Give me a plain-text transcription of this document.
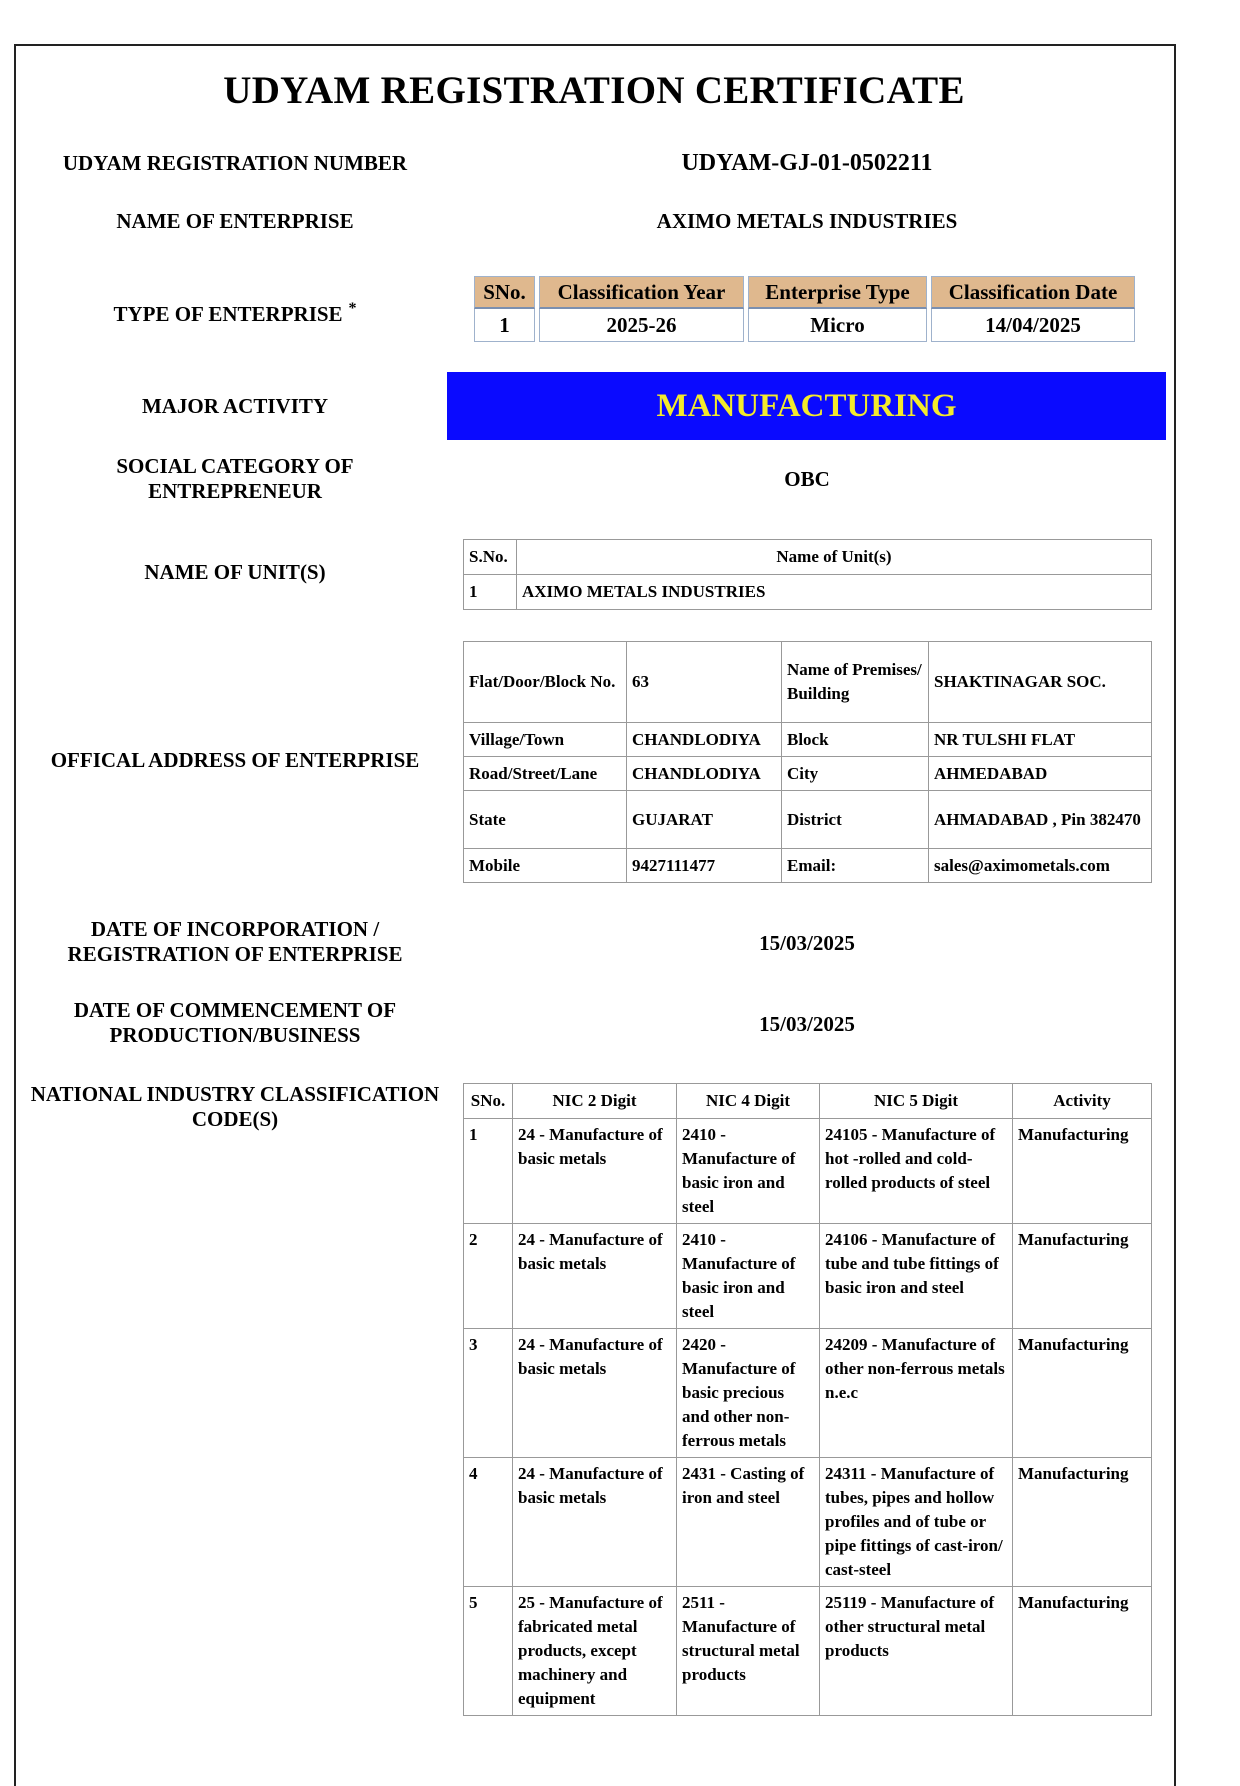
UDYAM REGISTRATION CERTIFICATE
UDYAM REGISTRATION NUMBER	UDYAM-GJ-01-0502211
NAME OF ENTERPRISE	AXIMO METALS INDUSTRIES
TYPE OF ENTERPRISE *
SNo.	Classification Year	Enterprise Type	Classification Date
1	2025-26	Micro	14/04/2025
MAJOR ACTIVITY	MANUFACTURING
SOCIAL CATEGORY OF ENTREPRENEUR	OBC
NAME OF UNIT(S)
S.No.	Name of Unit(s)
1	AXIMO METALS INDUSTRIES
OFFICAL ADDRESS OF ENTERPRISE
Flat/Door/Block No.	63	Name of Premises/ Building	SHAKTINAGAR SOC.
Village/Town	CHANDLODIYA	Block	NR TULSHI FLAT
Road/Street/Lane	CHANDLODIYA	City	AHMEDABAD
State	GUJARAT	District	AHMADABAD , Pin 382470
Mobile	9427111477	Email:	sales@aximometals.com
DATE OF INCORPORATION / REGISTRATION OF ENTERPRISE	15/03/2025
DATE OF COMMENCEMENT OF PRODUCTION/BUSINESS	15/03/2025
NATIONAL INDUSTRY CLASSIFICATION CODE(S)
SNo.	NIC 2 Digit	NIC 4 Digit	NIC 5 Digit	Activity
1	24 - Manufacture of basic metals	2410 - Manufacture of basic iron and steel	24105 - Manufacture of hot -rolled and cold-rolled products of steel	Manufacturing
2	24 - Manufacture of basic metals	2410 - Manufacture of basic iron and steel	24106 - Manufacture of tube and tube fittings of basic iron and steel	Manufacturing
3	24 - Manufacture of basic metals	2420 - Manufacture of basic precious and other non-ferrous metals	24209 - Manufacture of other non-ferrous metals n.e.c	Manufacturing
4	24 - Manufacture of basic metals	2431 - Casting of iron and steel	24311 - Manufacture of tubes, pipes and hollow profiles and of tube or pipe fittings of cast-iron/ cast-steel	Manufacturing
5	25 - Manufacture of fabricated metal products, except machinery and equipment	2511 - Manufacture of structural metal products	25119 - Manufacture of other structural metal products	Manufacturing
